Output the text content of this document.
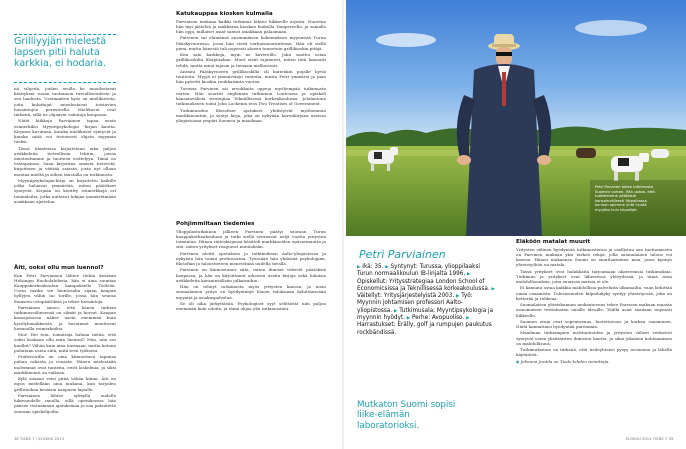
Grilliyyjän mielestä lapsen pitii haluta karkkia, ei hodaria.

nä vihjeitä, joiden avulla he muodostavat käsityksiä ruoan tuotannon turvallisuudesta ja sen laadusta. Useimmiten kyse on mielikuvista, joita kuluttajat muodostavat toistuvien havaintojen perusteella. Mielikuvat ovat tärkeitä, sillä ne ohjaavat valintoja kaupassa.

Näitä kiikkoja Parviainen tapaa avata esimerkiksi Myyntipsykologia -kirjan kautta. Kirjassa kuvataan, kuinka mielikuvat syntyvät ja kuinka niitä voi tietoisesti ohjata myynnin tueksi.

Tässä tilanteissa kirjoitetaan aika paljon artikkeleita tieteellisiin lehtiin, joissa muotoutumme ja tuotteen esittelyyn. Tämä on vastapainoa. Saan kirjoittaa omasta tieteestä, kirjoittaen ja väittää asiasta, josta nyt ollaan montaa mieltä ja siihen taustalla on tutkimusta.

Myyntipsykologia-kirja on kirjoitettu kaikille jotka haluavat ymmärtää, miten päätökset syntyvät. Kirjaan on kerätty esimerkkejä eri toimialoilta, jotka auttavat lukijaa ymmärtämään asiakkaan ajattelua.

Äiti, ooksi ollu mun luennol?

Kun Petri Parviainen lähtee töihin kesäisin Helsingin Ruoholahdesta, hän ei aina suuntaa Kauppakorkeakoulun kampukselle Töölöön. Usein matka vie luentosalin sijaan kaupan hyllyjen väliin tai torille, jossa hän seuraa ihmisten ostopäätöksiä ja tekee havaintoja.

Parviainen sanoo, että hänen tärkein tutkimusvälineensä on silmät ja korvat. Kaupan kassajonossa näkee usein enemmän kuin kyselylomakkeista, ja havainnot muuttuvat luennoilla esimerkeiksi.

Moi! Hei tota, toimittaja haluaa tietää, että ooksi koskaan ollu mun luennol? Niin, niin oot kuullut? Vähän kuin aina toisinaan, mutta kotona puhutaan usein siitä, mitä teen työkseni.

Professorilla on oma kiinnostava tapansa puhua rahasta ja ruoasta. Hänen mielestään molemmat ovat tunteita, eivät laskelmia, ja siksi markkinointi on vaikeaa.

Kylä saunaa voisi pitää vähän kiinni. Äiti on myös mielellään aina mukana, kun tarjoilen grilliruokaa kesäisin naapurin lapsille.

Parviainen lähtee syksyllä uudelle lukuvuodelle innolla, sillä opetuksessa hän pääsee testaamaan ajatuksiaan ja saa palautetta suoraan opiskelijoilta.

Katukauppaa kiosken kulmalla

Parviaisen mukaan kaikki tutkimus lähtee liikkeelle arjesta. Nuorena hän myi jäätelöä ja makkaraa kiosken luukulla Tampereella, ja samalla hän oppi, millaiset asiat saavat asiakkaan palaamaan.

Parvinen sai elämänsä ensimmäisen kokemuksen myynnistä Turun Pääskyvuoressa, jossa hän vietti varhaisnuoruutensa. Hän oli siellä pieni, mutta hänestä tuli nopeasti alueen tunnetuin grillikioskin pitäjä.

Kun sain karkkeja, myin ne kavereille. Joku saattoi ostaa grillikioskilta lihapiirakan. Muut eivät tajunneet, miten tätä kannatti tehdä, mutta minä tajusin ja tienasin melkoisesti.

Anssini Pääskyvuoren grillikioskilla oli kuitenkin pojalle hyviä tuutteita. Myyjä ei ymmärtänyt tunteita, mutta Petri ymmärsi ja pian hän pyöritti kioskin ruuhkaisinta vuoroa.

Turussa Parvinen sai arvokkaita oppeja myöhempää tutkimusta varten. Hän suoritti englannin tutkinnon Lontoossa ja opiskeli kansainvälistä strategiaa Tekniillisessä korkeakoulussa. Johdantona tutkimukseen toimi John Lockenin teos Two Treatises of Government.

Tutkimusalue filosofiset ajatukset yhdistyivät myöhemmin markkinointiin, ja syntyi kirja, joka on nykyään kurssikirjana useissa yliopistoissa ympäri Suomea ja maailmaa.

Pohjimmiltaan tiedemies

Ylioppilastutkinnon jälkeen Parvinen päätyi suoraan Turun kauppakorkeakouluun ja tutki siellä seuraavat neljä vuotta yritysten toimintaa. Hänen väitöskirjansa käsitteli markkinoiden epävarmuutta ja sitä, miten yritykset reagoivat muutoksiin.

Parvinen aloitti opetuksen ja tutkimuksen Aalto-yliopistossa ja nykyisin hän toimii professorina. Työssään hän yhdistää psykologian, filosofian ja taloustieteen menetelmiä uudella tavalla.

Parvinen on kiinnostunut siitä, miten ihmiset tekevät päätöksiä kaupassa, ja hän on kirjoittanut aiheesta useita kirjoja sekä lukuisia artikkeleita kansainvälisiin julkaisuihin.

Hän on tehnyt tutkimusta myös yritysten kanssa, ja moni suomalainen yritys on hyödyntänyt hänen tuloksiaan kehittäessään myyntiä ja asiakaspalvelua.

Se oli aika järkyttävää. Psykologiset syyt selittävät niin paljon enemmän kuin odotin, ja tämä ohjaa yhä tutkimustani.

38 TIEDE 7 / ELOKUU 2013
Petri Parvinen tekee tutkimusta Suomen varten. Hän uskoo, että tuotteemme päätäisiä kansainvälisesti liikpaikassa kunhan opimme yhtä hyvää myyjiksi kuin kilpailijat.
Petri Parviainen
▶ Ikä: 35. ▶ Syntynyt: Turussa, ylioppilaaksi Turun normaalikoulun IB-linjalta 1996. ▶ Opiskellut: Yritysstrategiaa London School of Economicsissa ja Teknillisessä korkeakoulussa. ▶ Väitellyt: Yritysjärjestelyistä 2003. ▶ Työ: Myynnin johtamisen professori Aalto-yliopistossa. ▶ Tutkimusala: Myyntipsykologia ja myynnin hyödyt. ▶ Perhe: Avopuoliso. ▶ Harrastukset: Erälly, golf ja rumpujen paukutus rockbändissä.
Mutkaton Suomi sopisi liike-elämän laboratorioksi.
Eläköön matalat muurit

Yritysten välinen hyödyntää tutkimustietoa ja osallistuu sen tuottamiseen on Parvinen mukaan yksi tärkeä tekijä, jolla suomalainen talous voi kasvaa. Hänen mukaansa Suomi on ainutlaatuinen maa, jossa kynnys yhteistyöhön on matala.

Tässä yritykset ovat halukkaita tarjoamaan akateemisia tutkimuksia. Tutkimus ja yritykset ovat läheisessä yhteydessä, ja tämä avaa mahdollisuuksia, joita suurissa maissa ei ole.

Ei kannata ostaa kaikkia mahdollisia palveluita ulkomailta, vaan kehittää omaa osaamista. Tulevaisuuden kilpailukyky syntyy yhteistyöstä, joka on ketterää ja rohkeaa.

Suomalaisen yhteiskunnan mukautuvuus tekee Parvisen mukaan maasta erinomaisen testialustan uusille ideoille. Täällä asiat saadaan nopeasti liikkeelle.

Suomen etuja ovat sopeutuvuus, luotettavuus ja korkea osaaminen. Näitä kannattaisi hyödyntää paremmin.

Maailman tärkeimpien instituutioiden ja yritysten väliset verkostot syntyvät usein yksittäisten ihmisten kautta, ja siksi jokainen kohtaaminen on mahdollisuus.

Tutkimuksessa on tärkeää, että tiedeyhteisö pysyy avoimena ja lähellä käytäntöä.

◆ Johanna Juntila on Tiede-lehden toimittaja.

ELOKUU 2013 TIEDE 7 39
